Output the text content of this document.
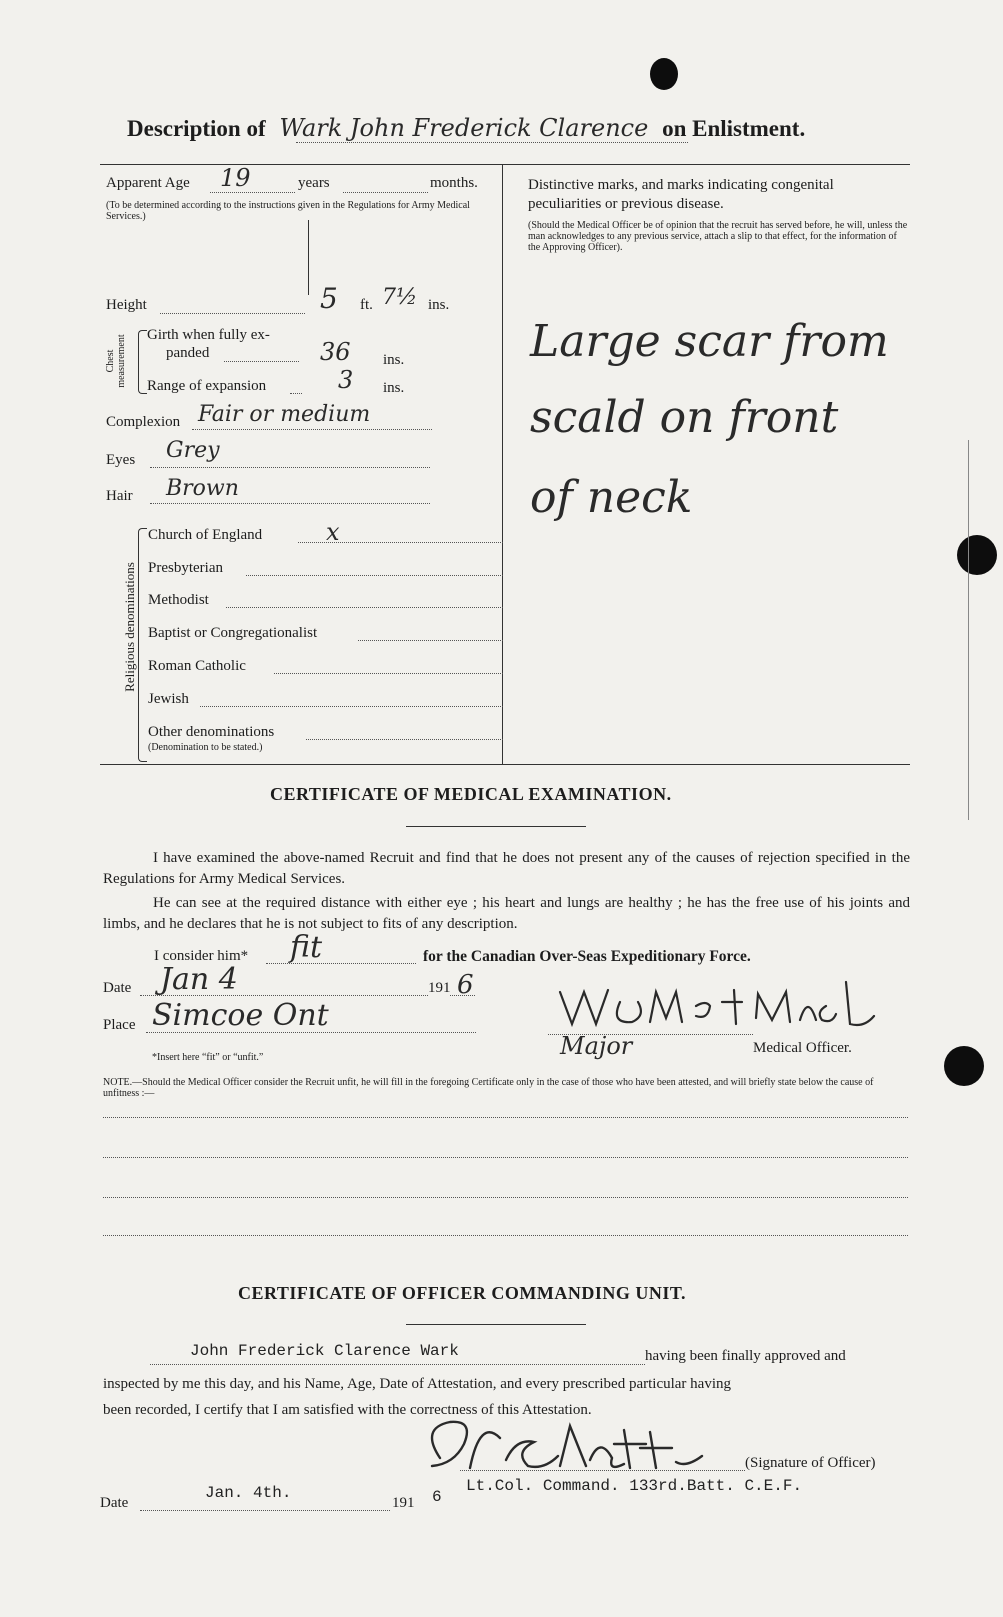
Description of Wark John Frederick Clarence on Enlistment.
Apparent Age 19	years	months.
(To be determined according to the instructions given in the Regulations for Army Medical Services.)
Height	5 ft. 7½ ins.
Chest measurement Girth when fully ex-
panded	36 ins.
Range of expansion	3 ins.
Complexion Fair or medium
Eyes Grey
Hair Brown
Religious denominations
Church of England	x
Presbyterian
Methodist
Baptist or Congregationalist
Roman Catholic
Jewish
Other denominations
(Denomination to be stated.)
Distinctive marks, and marks indicating congenital peculiarities or previous disease.
(Should the Medical Officer be of opinion that the recruit has served before, he will, unless the man acknowledges to any previous service, attach a slip to that effect, for the information of the Approving Officer).
Large scar from
scald on front
of neck
CERTIFICATE OF MEDICAL EXAMINATION.
I have examined the above-named Recruit and find that he does not present any of the causes of rejection specified in the Regulations for Army Medical Services.
He can see at the required distance with either eye ; his heart and lungs are healthy ; he has the free use of his joints and limbs, and he declares that he is not subject to fits of any description.
I consider him* fit	for the Canadian Over-Seas Expeditionary Force.
Date Jan 4	191 6
Place Simcoe Ont
Major	Medical Officer.
*Insert here “fit” or “unfit.”
NOTE.—Should the Medical Officer consider the Recruit unfit, he will fill in the foregoing Certificate only in the case of those who have been attested, and will briefly state below the cause of unfitness :—
CERTIFICATE OF OFFICER COMMANDING UNIT.
John Frederick Clarence Wark	having been finally approved and
inspected by me this day, and his Name, Age, Date of Attestation, and every prescribed particular having
been recorded, I certify that I am satisfied with the correctness of this Attestation.
(Signature of Officer)
Date
Jan. 4th.
191 6
Lt.Col. Command. 133rd.Batt. C.E.F.
